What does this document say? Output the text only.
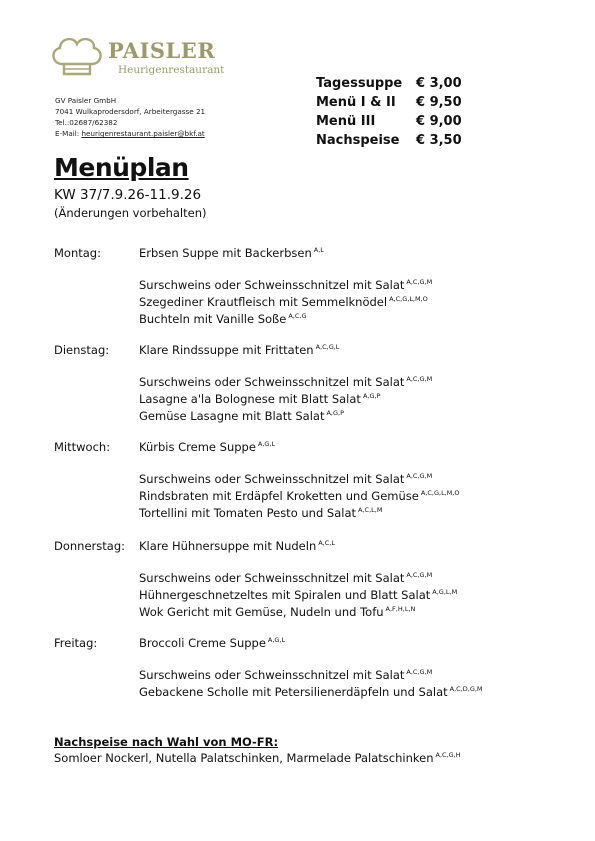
PAISLER
Heurigenrestaurant
GV Paisler GmbH
7041 Wulkaprodersdorf, Arbeitergasse 21
Tel.:02687/62382
E-Mail: heurigenrestaurant.paisler@bkf.at
Tagessuppe	€ 3,00
Menü I & II	€ 9,50
Menü III	€ 9,00
Nachspeise	€ 3,50
Menüplan
KW 37/7.9.26-11.9.26
(Änderungen vorbehalten)
Montag:	Erbsen Suppe mit Backerbsen $^{A,L}$
Surschweins oder Schweinsschnitzel mit Salat $^{A,C,G,M}$
Szegediner Krautfleisch mit Semmelknödel $^{A,C,G,L,M,O}$
Buchteln mit Vanille Soße $^{A,C,G}$
Dienstag:	Klare Rindssuppe mit Frittaten $^{A,C,G,L}$
Surschweins oder Schweinsschnitzel mit Salat $^{A,C,G,M}$
Lasagne a'la Bolognese mit Blatt Salat $^{A,G,P}$
Gemüse Lasagne mit Blatt Salat $^{A,G,P}$
Mittwoch:	Kürbis Creme Suppe $^{A,G,L}$
Surschweins oder Schweinsschnitzel mit Salat $^{A,C,G,M}$
Rindsbraten mit Erdäpfel Kroketten und Gemüse $^{A,C,G,L,M,O}$
Tortellini mit Tomaten Pesto und Salat $^{A,C,L,M}$
Donnerstag: Klare Hühnersuppe mit Nudeln $^{A,C,L}$
Surschweins oder Schweinsschnitzel mit Salat $^{A,C,G,M}$
Hühnergeschnetzeltes mit Spiralen und Blatt Salat $^{A,G,L,M}$
Wok Gericht mit Gemüse, Nudeln und Tofu $^{A,F,H,L,N}$
Freitag:	Broccoli Creme Suppe $^{A,G,L}$
Surschweins oder Schweinsschnitzel mit Salat $^{A,C,G,M}$
Gebackene Scholle mit Petersilienerdäpfeln und Salat $^{A,C,D,G,M}$
Nachspeise nach Wahl von MO-FR:
Somloer Nockerl, Nutella Palatschinken, Marmelade Palatschinken $^{A,C,G,H}$
